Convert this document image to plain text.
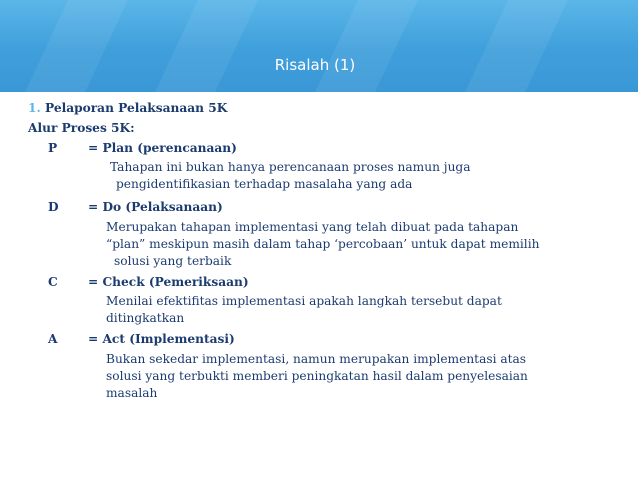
Risalah (1)
1. Pelaporan Pelaksanaan 5K
Alur Proses 5K:
P	= Plan (perencanaan)
Tahapan ini bukan hanya perencanaan proses namun juga
pengidentifikasian terhadap masalaha yang ada
D = Do (Pelaksanaan)
Merupakan tahapan implementasi yang telah dibuat pada tahapan
“plan” meskipun masih dalam tahap ‘percobaan’ untuk dapat memilih
solusi yang terbaik
C = Check (Pemeriksaan)
Menilai efektifitas implementasi apakah langkah tersebut dapat
ditingkatkan
A	= Act (Implementasi)
Bukan sekedar implementasi, namun merupakan implementasi atas
solusi yang terbukti memberi peningkatan hasil dalam penyelesaian
masalah
